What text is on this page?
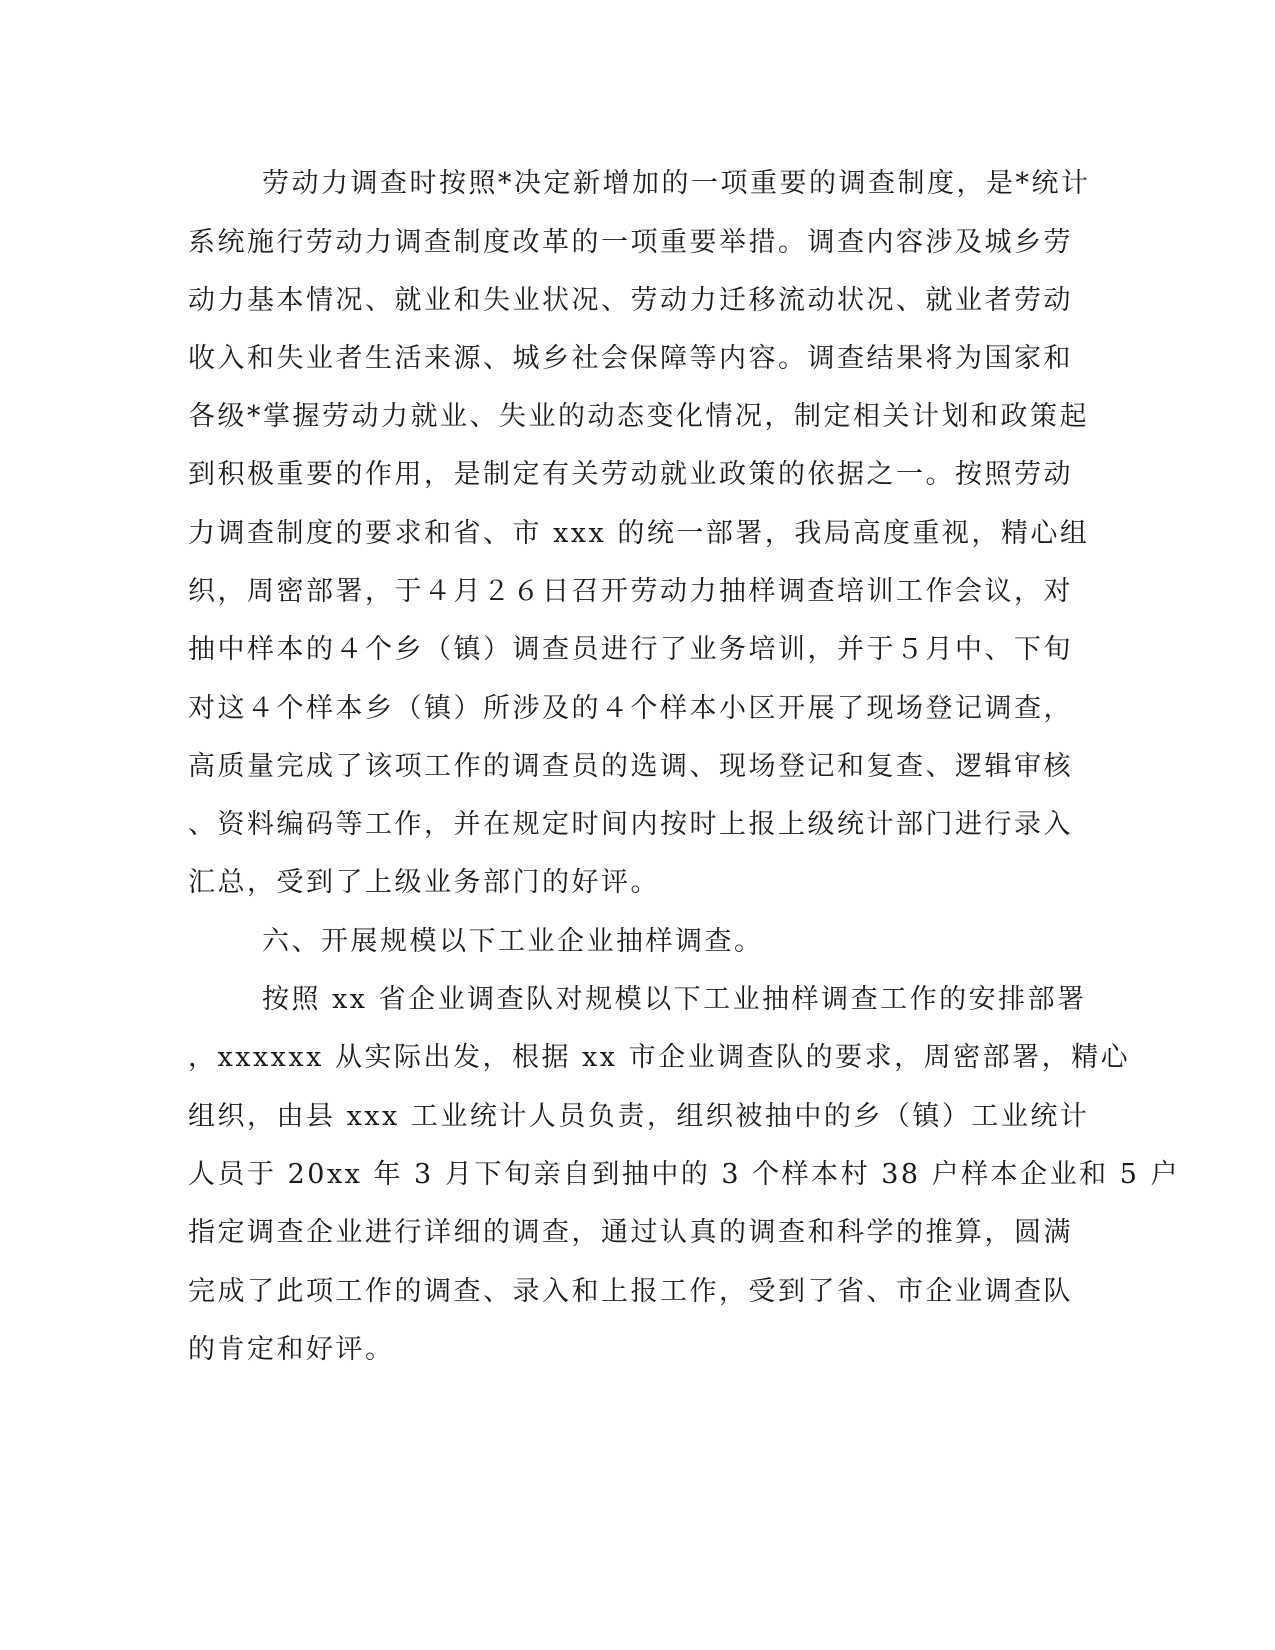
劳动力调查时按照*决定新增加的一项重要的调查制度，是*统计
系统施行劳动力调查制度改革的一项重要举措。调查内容涉及城乡劳
动力基本情况、就业和失业状况、劳动力迁移流动状况、就业者劳动
收入和失业者生活来源、城乡社会保障等内容。调查结果将为国家和
各级*掌握劳动力就业、失业的动态变化情况，制定相关计划和政策起
到积极重要的作用，是制定有关劳动就业政策的依据之一。按照劳动
力调查制度的要求和省、市 xxx 的统一部署，我局高度重视，精心组
织，周密部署，于４月２６日召开劳动力抽样调查培训工作会议，对
抽中样本的４个乡（镇）调查员进行了业务培训，并于５月中、下旬
对这４个样本乡（镇）所涉及的４个样本小区开展了现场登记调查，
高质量完成了该项工作的调查员的选调、现场登记和复查、逻辑审核
、资料编码等工作，并在规定时间内按时上报上级统计部门进行录入
汇总，受到了上级业务部门的好评。
六、开展规模以下工业企业抽样调查。
按照 xx 省企业调查队对规模以下工业抽样调查工作的安排部署
，xxxxxx 从实际出发，根据 xx 市企业调查队的要求，周密部署，精心
组织，由县 xxx 工业统计人员负责，组织被抽中的乡（镇）工业统计
人员于 20xx 年 3 月下旬亲自到抽中的 3 个样本村 38 户样本企业和 5 户
指定调查企业进行详细的调查，通过认真的调查和科学的推算，圆满
完成了此项工作的调查、录入和上报工作，受到了省、市企业调查队
的肯定和好评。
